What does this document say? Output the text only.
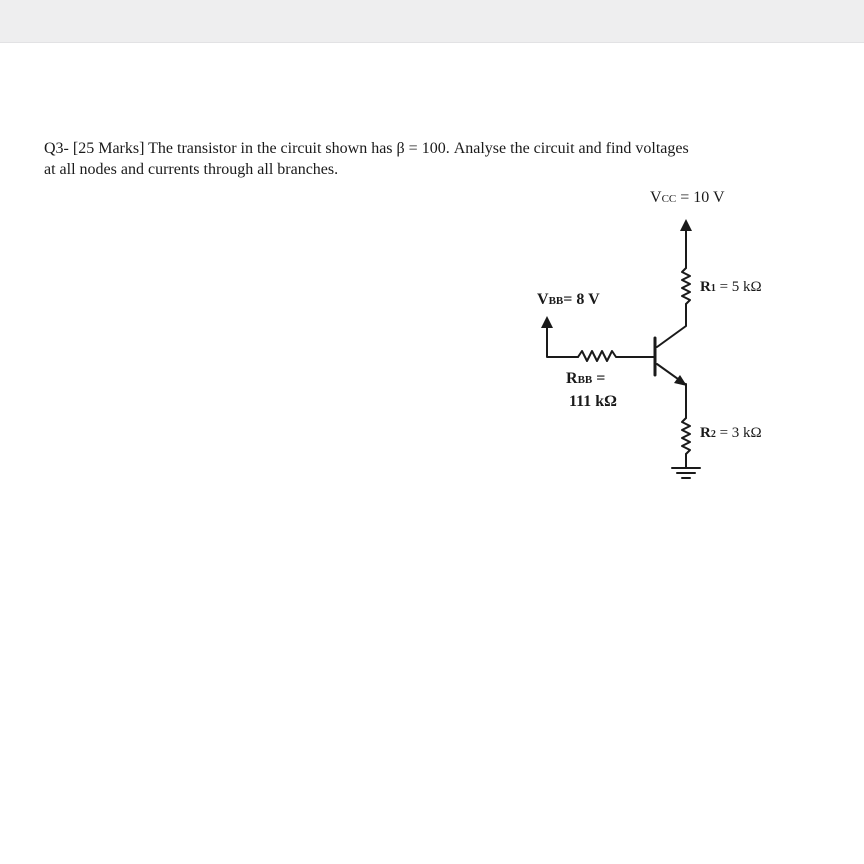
Q3- [25 Marks] The transistor in the circuit shown has β = 100. Analyse the circuit and find voltages
at all nodes and currents through all branches.
VCC = 10 V
R1 = 5 kΩ
VBB= 8 V
RBB =
111 kΩ
R2 = 3 kΩ
